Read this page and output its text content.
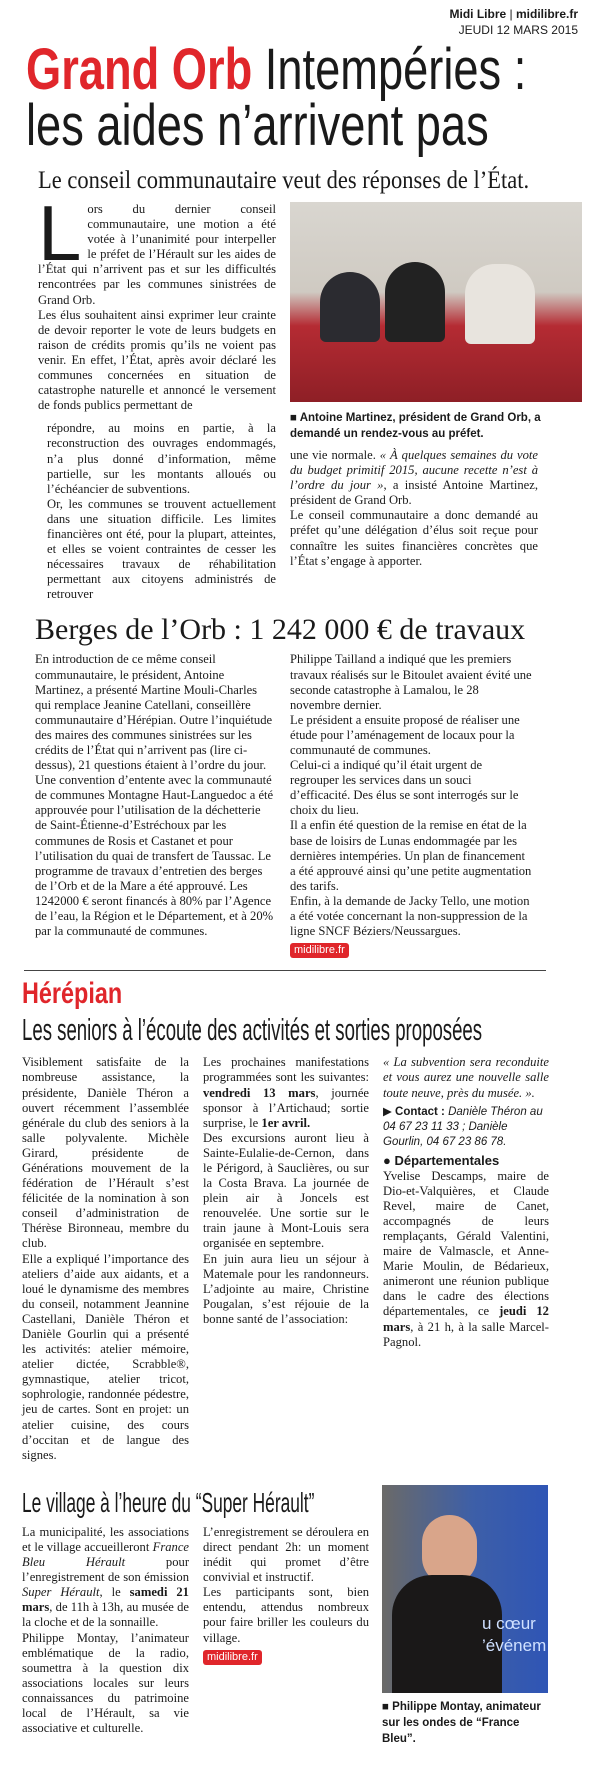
Midi Libre | midilibre.fr
JEUDI 12 MARS 2015
Grand Orb Intempéries :
les aides n’arrivent pas
Le conseil communautaire veut des réponses de l’État.

Lors du dernier conseil communautaire, une motion a été votée à l’unanimité pour interpeller le préfet de l’Hérault sur les aides de l’État qui n’arrivent pas et sur les difficultés rencontrées par les communes sinistrées de Grand Orb.

Les élus souhaitent ainsi exprimer leur crainte de devoir reporter le vote de leurs budgets en raison de crédits promis qu’ils ne voient pas venir. En effet, l’État, après avoir déclaré les communes concernées en situation de catastrophe naturelle et annoncé le versement de fonds publics permettant de

répondre, au moins en partie, à la reconstruction des ouvrages endommagés, n’a plus donné d’information, même partielle, sur les montants alloués ou l’échéancier de subventions.

Or, les communes se trouvent actuellement dans une situation difficile. Les limites financières ont été, pour la plupart, atteintes, et elles se voient contraintes de cesser les nécessaires travaux de réhabilitation permettant aux citoyens administrés de retrouver

■ Antoine Martinez, président de Grand Orb, a demandé un rendez-vous au préfet.

une vie normale. « À quelques semaines du vote du budget primitif 2015, aucune recette n’est à l’ordre du jour », a insisté Antoine Martinez, président de Grand Orb.

Le conseil communautaire a donc demandé au préfet qu’une délégation d’élus soit reçue pour connaître les suites financières concrètes que l’État s’engage à apporter.

Berges de l’Orb : 1 242 000 € de travaux

En introduction de ce même conseil communautaire, le président, Antoine Martinez, a présenté Martine Mouli-Charles qui remplace Jeanine Catellani, conseillère communautaire d’Hérépian. Outre l’inquiétude des maires des communes sinistrées sur les crédits de l’État qui n’arrivent pas (lire ci-dessus), 21 questions étaient à l’ordre du jour. Une convention d’entente avec la communauté de communes Montagne Haut-Languedoc a été approuvée pour l’utilisation de la déchetterie de Saint-Étienne-d’Estréchoux par les communes de Rosis et Castanet et pour l’utilisation du quai de transfert de Taussac. Le programme de travaux d’entretien des berges de l’Orb et de la Mare a été approuvé. Les 1242000 € seront financés à 80% par l’Agence de l’eau, la Région et le Département, et à 20% par la communauté de communes.

Philippe Tailland a indiqué que les premiers travaux réalisés sur le Bitoulet avaient évité une seconde catastrophe à Lamalou, le 28 novembre dernier.

Le président a ensuite proposé de réaliser une étude pour l’aménagement de locaux pour la communauté de communes.

Celui-ci a indiqué qu’il était urgent de regrouper les services dans un souci d’efficacité. Des élus se sont interrogés sur le choix du lieu.

Il a enfin été question de la remise en état de la base de loisirs de Lunas endommagée par les dernières intempéries. Un plan de financement a été approuvé ainsi qu’une petite augmentation des tarifs.

Enfin, à la demande de Jacky Tello, une motion a été votée concernant la non-suppression de la ligne SNCF Béziers/Neussargues.

midilibre.fr
Hérépian
Les seniors à l’écoute des activités et sorties proposées

Visiblement satisfaite de la nombreuse assistance, la présidente, Danièle Théron a ouvert récemment l’assemblée générale du club des seniors à la salle polyvalente. Michèle Girard, présidente de Générations mouvement de la fédération de l’Hérault s’est félicitée de la nomination à son conseil d’administration de Thérèse Bironneau, membre du club.

Elle a expliqué l’importance des ateliers d’aide aux aidants, et a loué le dynamisme des membres du conseil, notamment Jeannine Castellani, Danièle Théron et Danièle Gourlin qui a présenté les activités: atelier mémoire, atelier dictée, Scrabble®, gymnastique, atelier tricot, sophrologie, randonnée pédestre, jeu de cartes. Sont en projet: un atelier cuisine, des cours d’occitan et de langue des signes.

Les prochaines manifestations programmées sont les suivantes: vendredi 13 mars, journée sponsor à l’Artichaud; sortie surprise, le 1er avril.

Des excursions auront lieu à Sainte-Eulalie-de-Cernon, dans le Périgord, à Sauclières, ou sur la Costa Brava. La journée de plein air à Joncels est renouvelée. Une sortie sur le train jaune à Mont-Louis sera organisée en septembre.

En juin aura lieu un séjour à Matemale pour les randonneurs. L’adjointe au maire, Christine Pougalan, s’est réjouie de la bonne santé de l’association:

« La subvention sera reconduite et vous aurez une nouvelle salle toute neuve, près du musée. ».

▶ Contact : Danièle Théron au 04 67 23 11 33 ; Danièle Gourlin, 04 67 23 86 78.

● Départementales

Yvelise Descamps, maire de Dio-et-Valquières, et Claude Revel, maire de Canet, accompagnés de leurs remplaçants, Gérald Valentini, maire de Valmascle, et Anne-Marie Moulin, de Bédarieux, animeront une réunion publique dans le cadre des élections départementales, ce jeudi 12 mars, à 21 h, à la salle Marcel-Pagnol.

Le village à l’heure du “Super Hérault”

La municipalité, les associations et le village accueilleront France Bleu Hérault pour l’enregistrement de son émission Super Hérault, le samedi 21 mars, de 11h à 13h, au musée de la cloche et de la sonnaille.

Philippe Montay, l’animateur emblématique de la radio, soumettra à la question dix associations locales sur leurs connaissances du patrimoine local de l’Hérault, sa vie associative et culturelle.

L’enregistrement se déroulera en direct pendant 2h: un moment inédit qui promet d’être convivial et instructif.

Les participants sont, bien entendu, attendus nombreux pour faire briller les couleurs du village.

midilibre.fr
u cœur
’événem
■ Philippe Montay, animateur sur les ondes de “France Bleu”.
